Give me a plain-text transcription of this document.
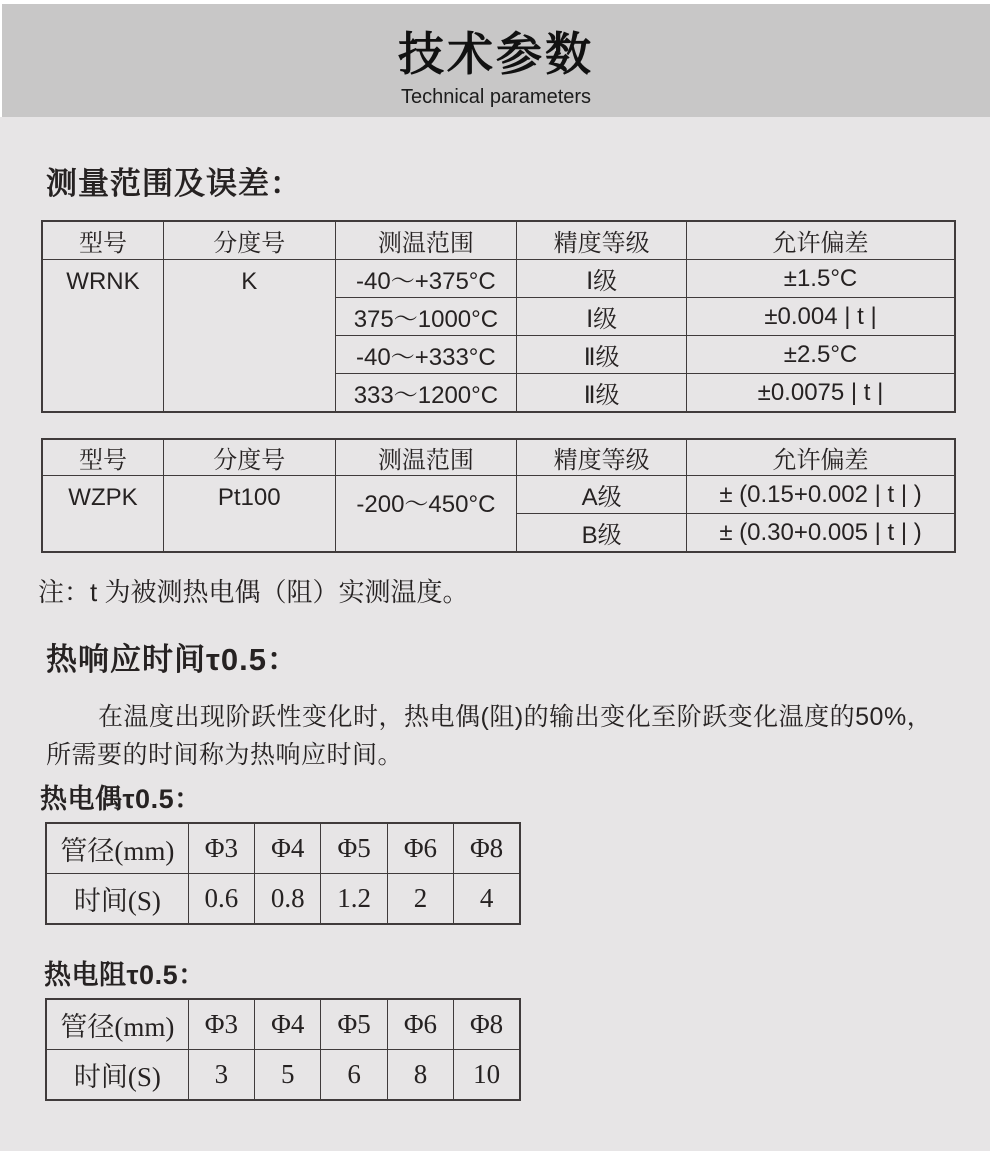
技术参数
Technical parameters
测量范围及误差：
型号	分度号	测温范围	精度等级	允许偏差
WRNK	K	-40～+375°C	Ⅰ级	±1.5°C
		375～1000°C	Ⅰ级	±0.004 | t |
		-40～+333°C	Ⅱ级	±2.5°C
		333～1200°C	Ⅱ级	±0.0075 | t |
型号	分度号	测温范围	精度等级	允许偏差
WZPK	Pt100	-200～450°C	A级	± (0.15+0.002 | t | )
			B级	± (0.30+0.005 | t | )
注：t 为被测热电偶（阻）实测温度。
热响应时间τ0.5：
在温度出现阶跃性变化时，热电偶(阻)的输出变化至阶跃变化温度的50%，
所需要的时间称为热响应时间。
热电偶τ0.5：
管径(mm)	Φ3	Φ4	Φ5	Φ6	Φ8
时间(S)	0.6	0.8	1.2	2	4
热电阻τ0.5：
管径(mm)	Φ3	Φ4	Φ5	Φ6	Φ8
时间(S)	3	5	6	8	10
